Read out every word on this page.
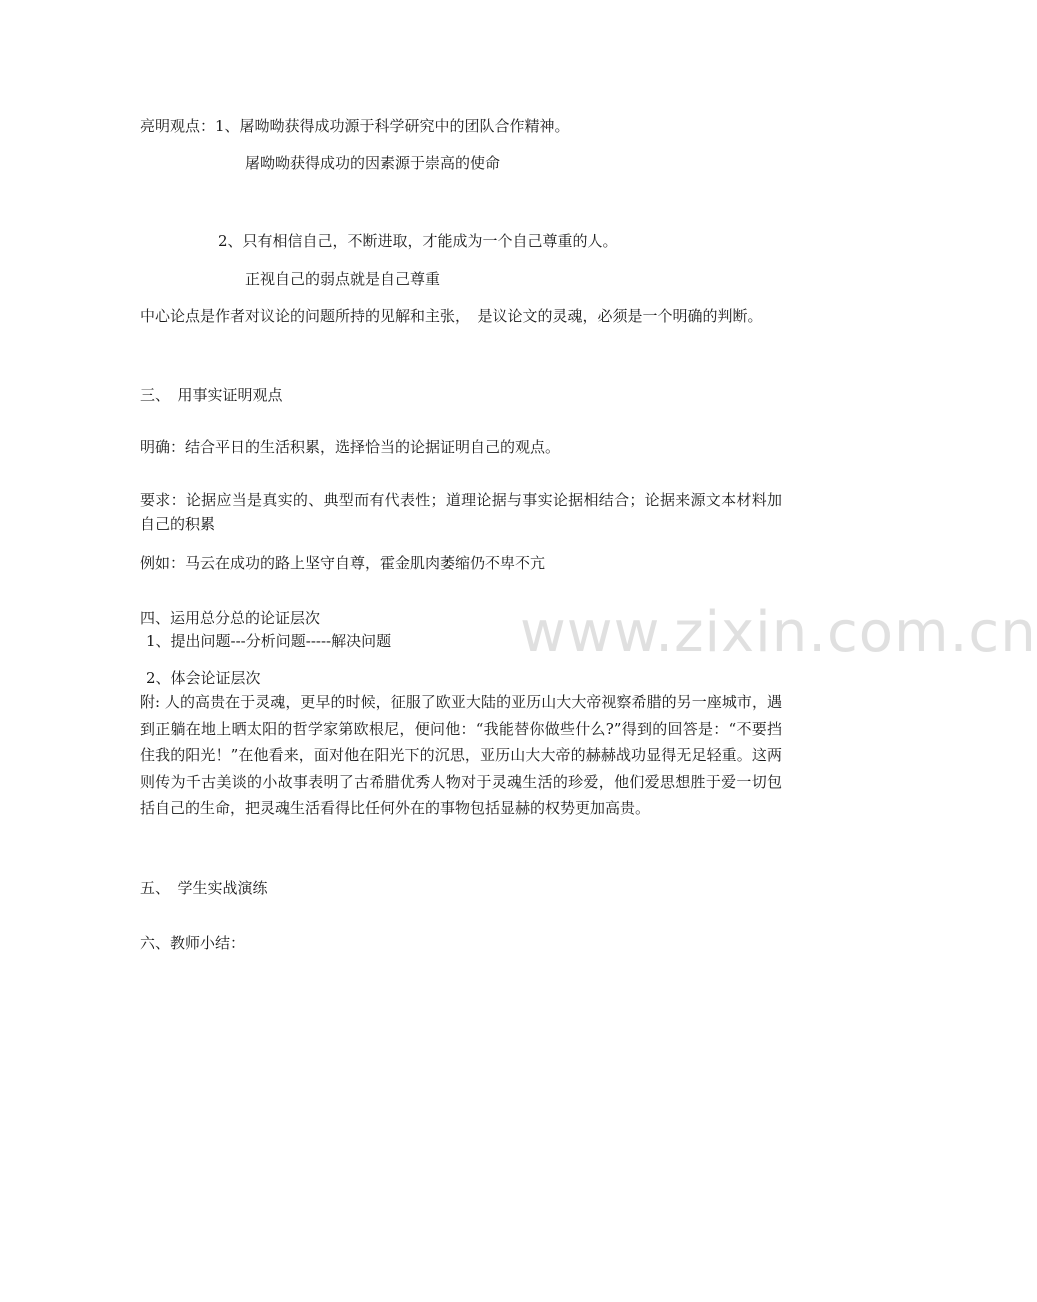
亮明观点：1、屠呦呦获得成功源于科学研究中的团队合作精神。
屠呦呦获得成功的因素源于崇高的使命
2、只有相信自己，不断进取，才能成为一个自己尊重的人。
正视自己的弱点就是自己尊重
中心论点是作者对议论的问题所持的见解和主张，　是议论文的灵魂，必须是一个明确的判断。
三、　用事实证明观点
明确：结合平日的生活积累，选择恰当的论据证明自己的观点。
要求：论据应当是真实的、典型而有代表性；道理论据与事实论据相结合；论据来源文本材料加自己的积累
例如：马云在成功的路上坚守自尊，霍金肌肉萎缩仍不卑不亢
四、运用总分总的论证层次
1、提出问题---分析问题-----解决问题
2、体会论证层次
附: 人的高贵在于灵魂，更早的时候，征服了欧亚大陆的亚历山大大帝视察希腊的另一座城市，遇到正躺在地上晒太阳的哲学家第欧根尼，便问他：“我能替你做些什么?”得到的回答是：“不要挡住我的阳光！”在他看来，面对他在阳光下的沉思，亚历山大大帝的赫赫战功显得无足轻重。这两则传为千古美谈的小故事表明了古希腊优秀人物对于灵魂生活的珍爱，他们爱思想胜于爱一切包括自己的生命，把灵魂生活看得比任何外在的事物包括显赫的权势更加高贵。
五、　学生实战演练
六、教师小结：
www.zixin.com.cn
